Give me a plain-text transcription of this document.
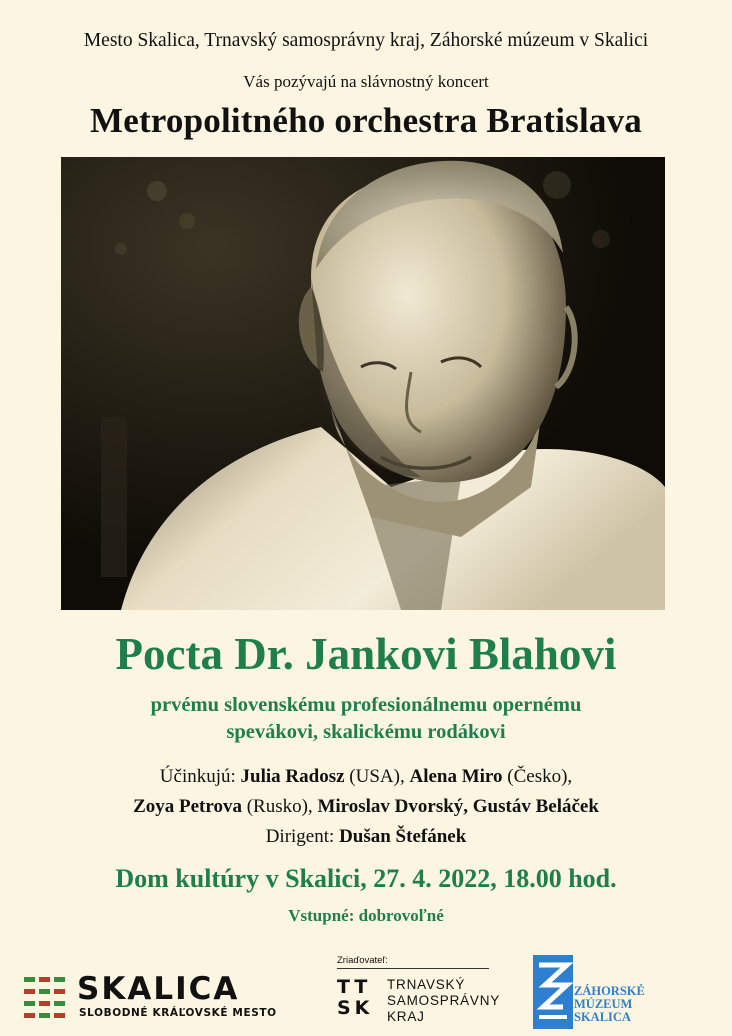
Mesto Skalica, Trnavský samosprávny kraj, Záhorské múzeum v Skalici
Vás pozývajú na slávnostný koncert
Metropolitného orchestra Bratislava
Pocta Dr. Jankovi Blahovi
prvému slovenskému profesionálnemu opernému
spevákovi, skalickému rodákovi
Účinkujú: Julia Radosz (USA), Alena Miro (Česko),
Zoya Petrova (Rusko), Miroslav Dvorský, Gustáv Beláček
Dirigent: Dušan Štefánek
Dom kultúry v Skalici, 27. 4. 2022, 18.00 hod.
Vstupné: dobrovoľné
SKALICA
SLOBODNÉ KRÁĽOVSKÉ MESTO
Zriaďovateľ:
TT
SK
TRNAVSKÝ
SAMOSPRÁVNY
KRAJ
ZÁHORSKÉ
MÚZEUM
SKALICA
